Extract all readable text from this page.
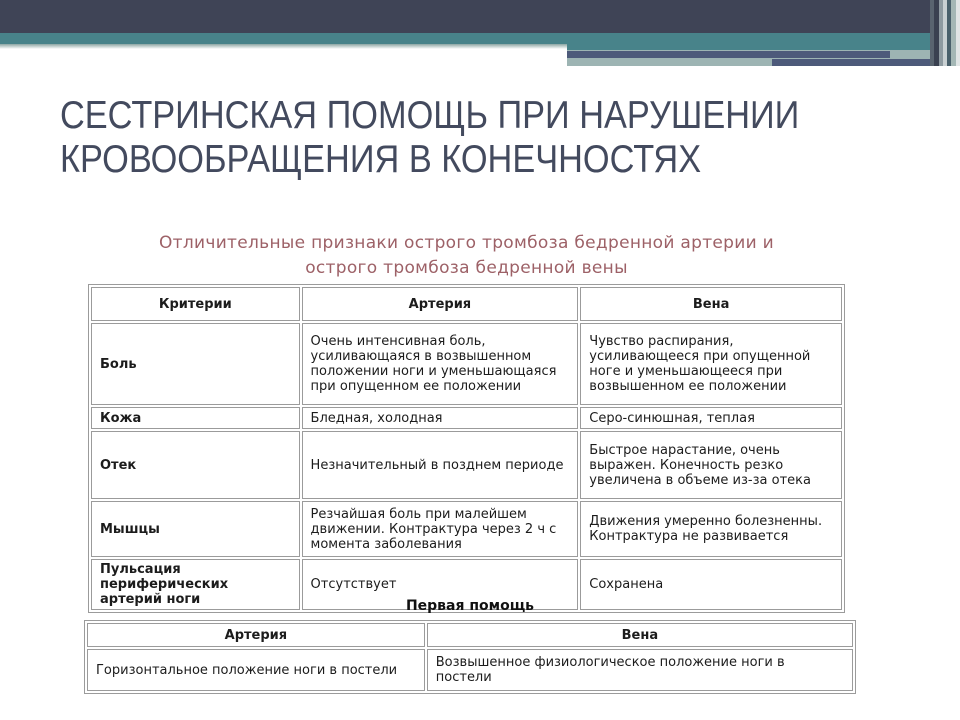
СЕСТРИНСКАЯ ПОМОЩЬ ПРИ НАРУШЕНИИ
КРОВООБРАЩЕНИЯ В КОНЕЧНОСТЯХ
Отличительные признаки острого тромбоза бедренной артерии и
острого тромбоза бедренной вены
Критерии	Артерия	Вена
Боль	Очень интенсивная боль, усиливающаяся в возвышенном положении ноги и уменьшающаяся при опущенном ее положении	Чувство распирания, усиливающееся при опущенной ноге и уменьшающееся при возвышенном ее положении
Кожа	Бледная, холодная	Серо-синюшная, теплая
Отек	Незначительный в позднем периоде	Быстрое нарастание, очень выражен. Конечность резко увеличена в объеме из-за отека
Мышцы	Резчайшая боль при малейшем движении. Контрактура через 2 ч с момента заболевания	Движения умеренно болезненны. Контрактура не развивается
Пульсация периферических артерий ноги	Отсутствует	Сохранена
Первая помощь
Артерия	Вена
Горизонтальное положение ноги в постели	Возвышенное физиологическое положение ноги в постели
